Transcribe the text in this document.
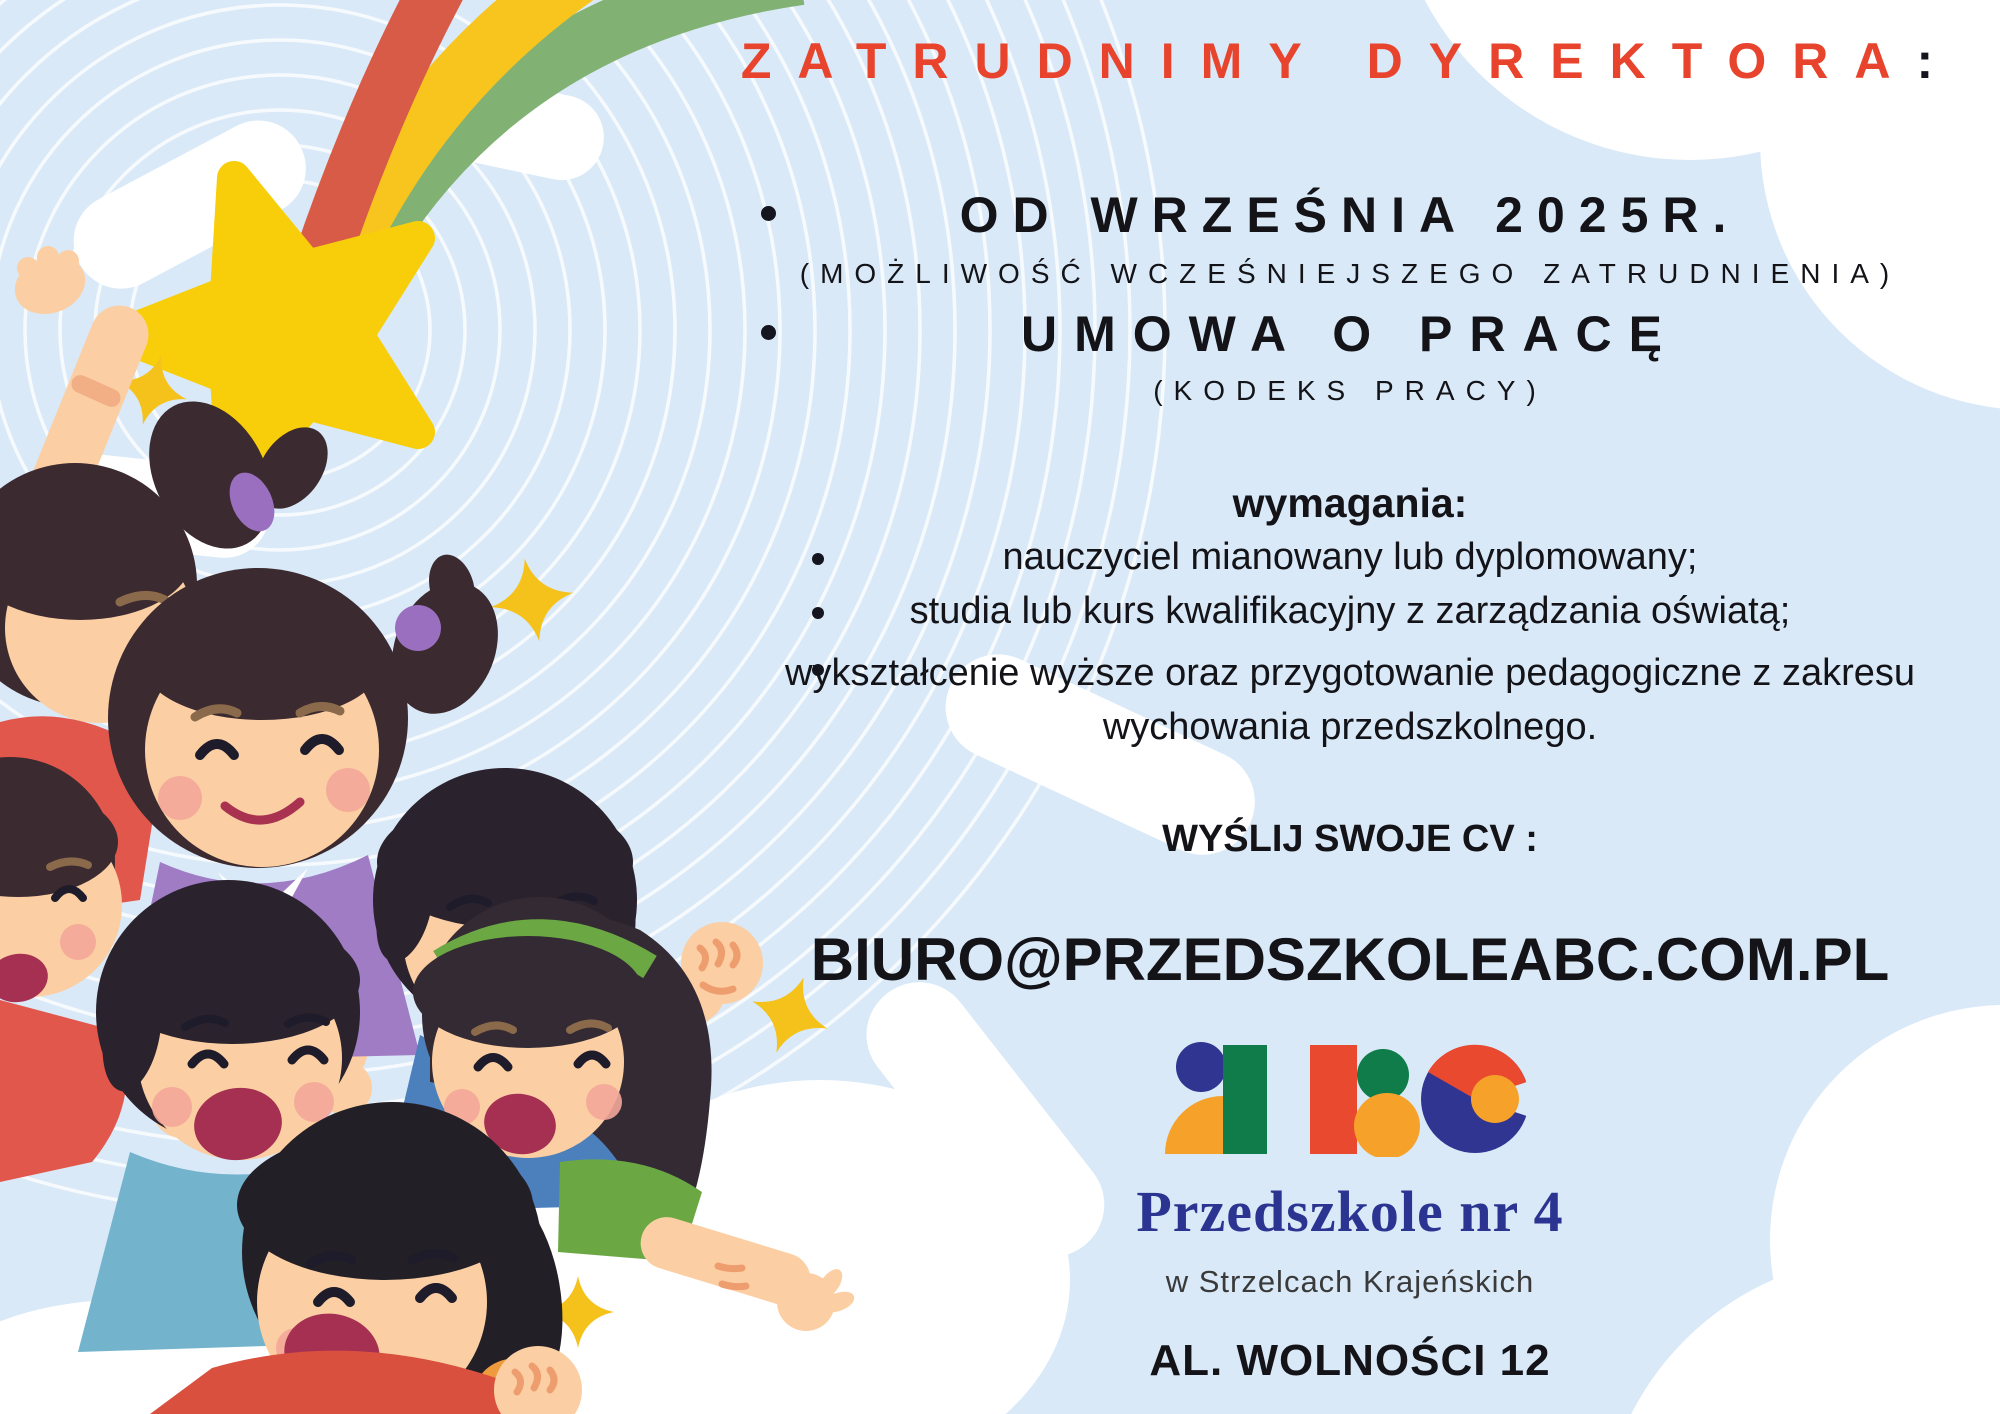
ZATRUDNIMY DYREKTORA:
OD WRZEŚNIA 2025R.
(MOŻLIWOŚĆ WCZEŚNIEJSZEGO ZATRUDNIENIA)
UMOWA O PRACĘ
(KODEKS PRACY)
wymagania:
nauczyciel mianowany lub dyplomowany;
studia lub kurs kwalifikacyjny z zarządzania oświatą;
wykształcenie wyższe oraz przygotowanie pedagogiczne z zakresu wychowania przedszkolnego.
WYŚLIJ SWOJE CV :
BIURO@PRZEDSZKOLEABC.COM.PL
Przedszkole nr 4
w Strzelcach Krajeńskich
AL. WOLNOŚCI 12
